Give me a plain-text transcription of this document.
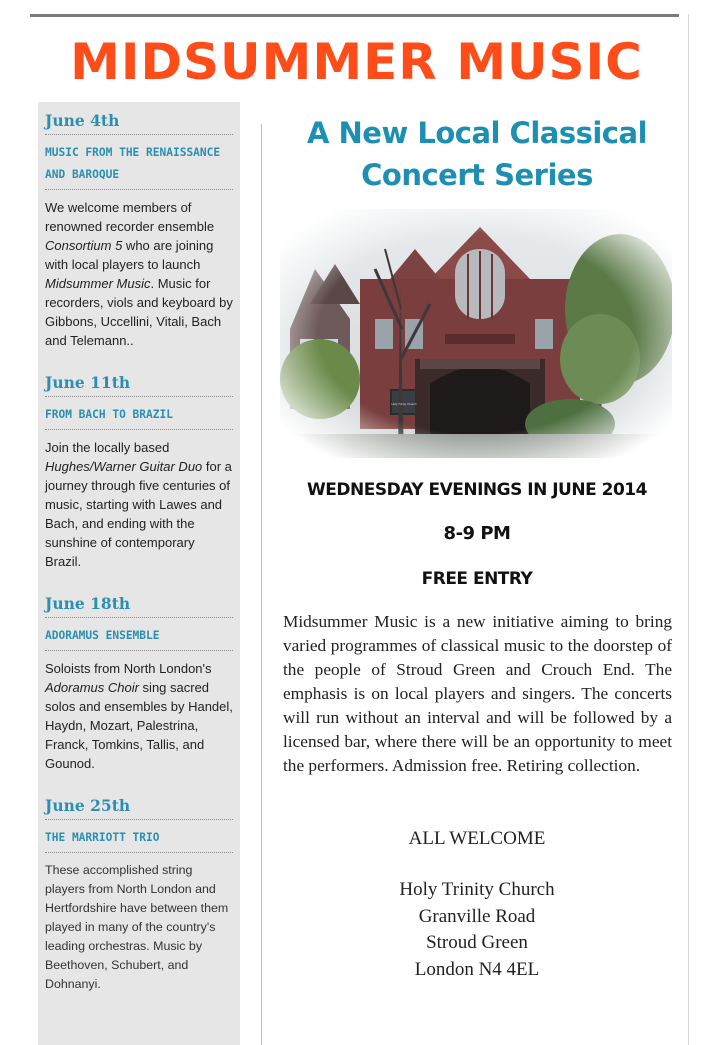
MIDSUMMER MUSIC
June 4th
MUSIC FROM THE RENAISSANCE AND BAROQUE
We welcome members of renowned recorder ensemble Consortium 5 who are joining with local players to launch Midsummer Music. Music for recorders, viols and keyboard by Gibbons, Uccellini, Vitali, Bach and Telemann..
June 11th
FROM BACH TO BRAZIL
Join the locally based Hughes/Warner Guitar Duo for a journey through five centuries of music, starting with Lawes and Bach, and ending with the sunshine of contemporary Brazil.
June 18th
ADORAMUS ENSEMBLE
Soloists from North London's Adoramus Choir sing sacred solos and ensembles by Handel, Haydn, Mozart, Palestrina, Franck, Tomkins, Tallis, and Gounod.
June 25th
THE MARRIOTT TRIO
These accomplished string players from North London and Hertfordshire have between them played in many of the country's leading orchestras. Music by Beethoven, Schubert, and Dohnanyi.
A New Local Classical
Concert Series
Holy Trinity Church
WEDNESDAY EVENINGS IN JUNE 2014
8-9 PM
FREE ENTRY
Midsummer Music is a new initiative aiming to bring varied programmes of classical music to the doorstep of the people of Stroud Green and Crouch End. The emphasis is on local players and singers. The concerts will run without an interval and will be followed by a licensed bar, where there will be an opportunity to meet the performers. Admission free. Retiring collection.
ALL WELCOME
Holy Trinity Church
Granville Road
Stroud Green
London N4 4EL
